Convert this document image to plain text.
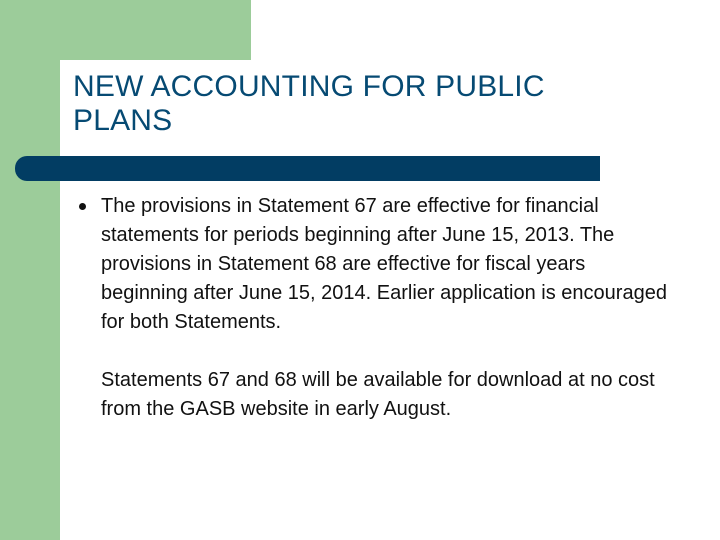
NEW ACCOUNTING FOR PUBLIC PLANS

The provisions in Statement 67 are effective for financial statements for periods beginning after June 15, 2013. The provisions in Statement 68 are effective for fiscal years beginning after June 15, 2014. Earlier application is encouraged for both Statements.

Statements 67 and 68 will be available for download at no cost from the GASB website in early August.
